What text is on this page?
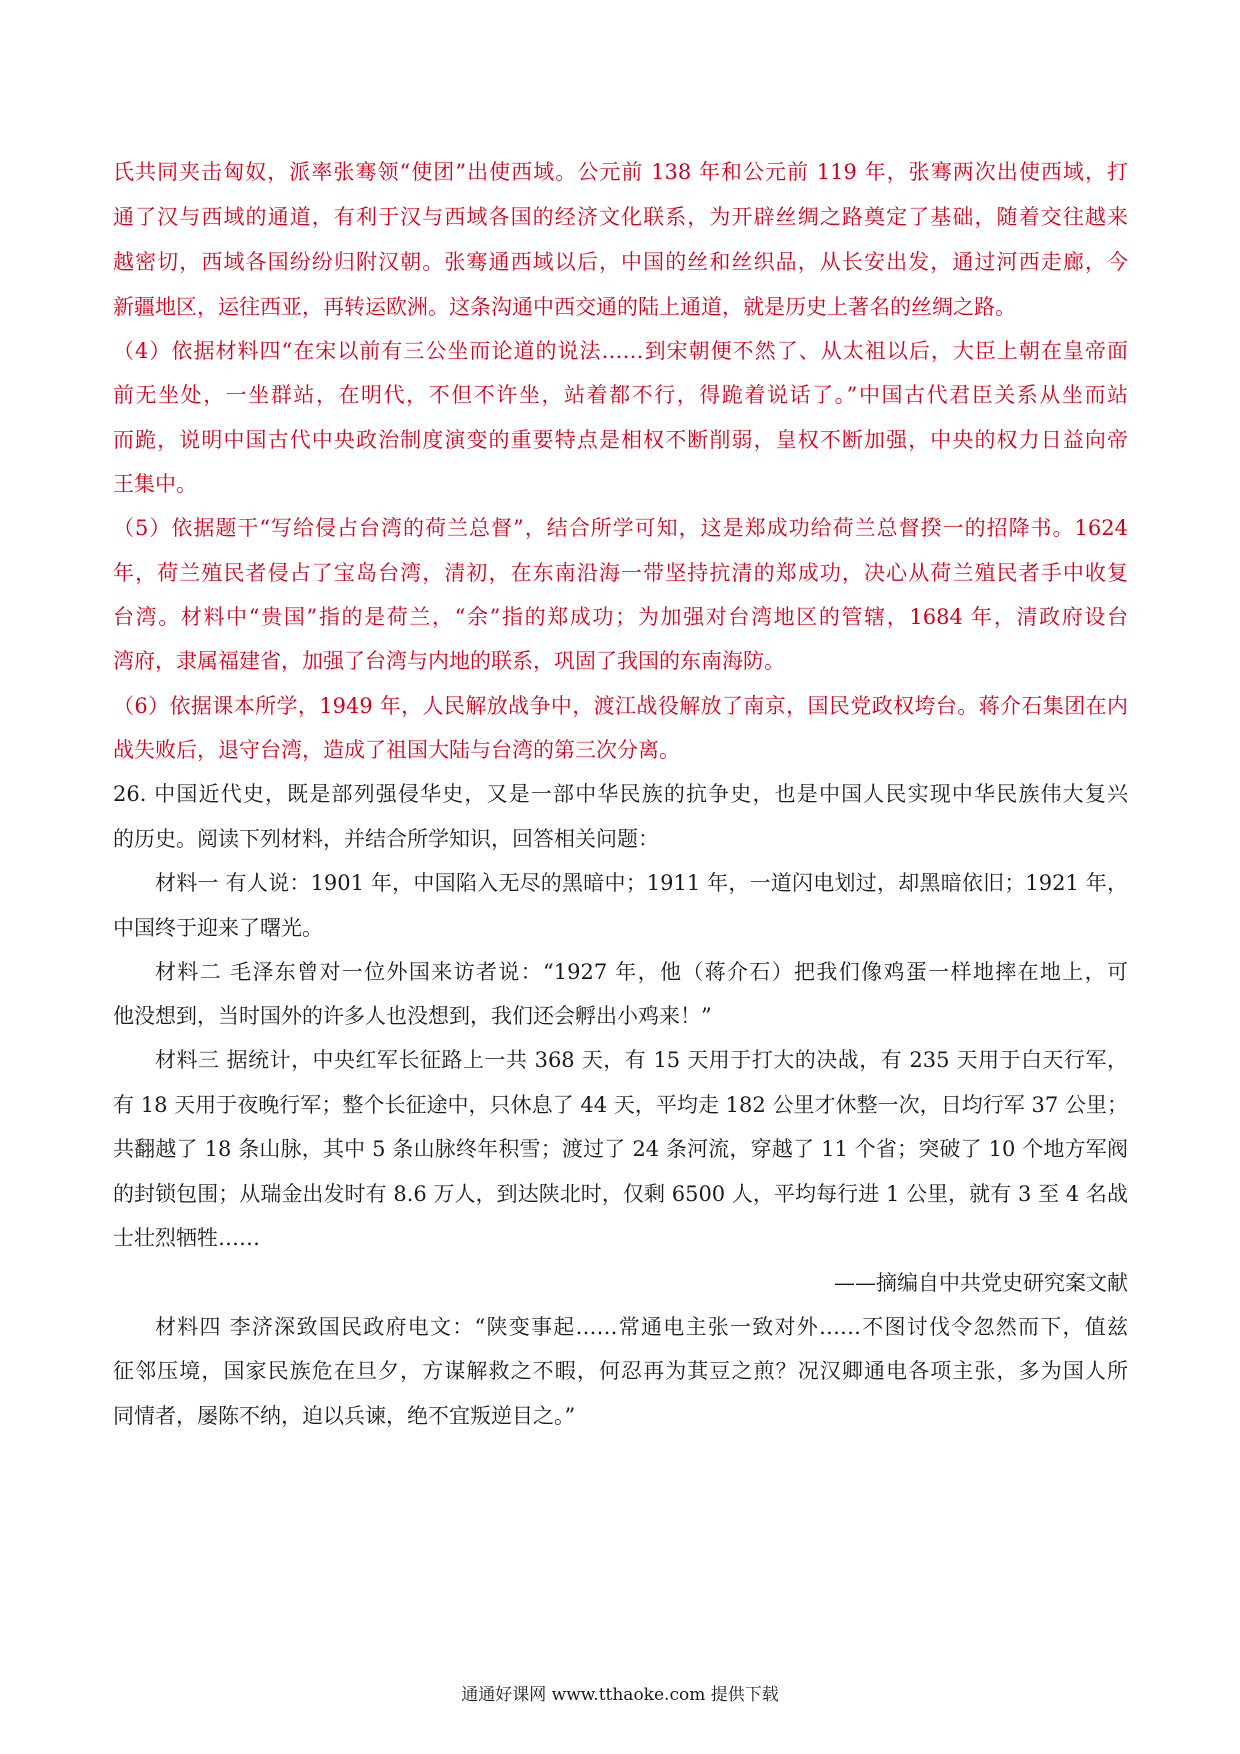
氏共同夹击匈奴，派率张骞领“使团”出使西域。公元前 138 年和公元前 119 年，张骞两次出使西域，打
通了汉与西域的通道，有利于汉与西域各国的经济文化联系，为开辟丝绸之路奠定了基础，随着交往越来
越密切，西域各国纷纷归附汉朝。张骞通西域以后，中国的丝和丝织品，从长安出发，通过河西走廊，今
新疆地区，运往西亚，再转运欧洲。这条沟通中西交通的陆上通道，就是历史上著名的丝绸之路。
（4）依据材料四“在宋以前有三公坐而论道的说法……到宋朝便不然了、从太祖以后，大臣上朝在皇帝面
前无坐处，一坐群站，在明代，不但不许坐，站着都不行，得跪着说话了。”中国古代君臣关系从坐而站
而跪，说明中国古代中央政治制度演变的重要特点是相权不断削弱，皇权不断加强，中央的权力日益向帝
王集中。
（5）依据题干“写给侵占台湾的荷兰总督”，结合所学可知，这是郑成功给荷兰总督揆一的招降书。1624
年，荷兰殖民者侵占了宝岛台湾，清初，在东南沿海一带坚持抗清的郑成功，决心从荷兰殖民者手中收复
台湾。材料中“贵国”指的是荷兰，“余”指的郑成功；为加强对台湾地区的管辖，1684 年，清政府设台
湾府，隶属福建省，加强了台湾与内地的联系，巩固了我国的东南海防。
（6）依据课本所学，1949 年，人民解放战争中，渡江战役解放了南京，国民党政权垮台。蒋介石集团在内
战失败后，退守台湾，造成了祖国大陆与台湾的第三次分离。
26. 中国近代史，既是部列强侵华史，又是一部中华民族的抗争史，也是中国人民实现中华民族伟大复兴
的历史。阅读下列材料，并结合所学知识，回答相关问题：
材料一 有人说：1901 年，中国陷入无尽的黑暗中；1911 年，一道闪电划过，却黑暗依旧；1921 年，
中国终于迎来了曙光。
材料二 毛泽东曾对一位外国来访者说：“1927 年，他（蒋介石）把我们像鸡蛋一样地摔在地上，可
他没想到，当时国外的许多人也没想到，我们还会孵出小鸡来！”
材料三 据统计，中央红军长征路上一共 368 天，有 15 天用于打大的决战，有 235 天用于白天行军，
有 18 天用于夜晚行军；整个长征途中，只休息了 44 天，平均走 182 公里才休整一次，日均行军 37 公里；
共翻越了 18 条山脉，其中 5 条山脉终年积雪；渡过了 24 条河流，穿越了 11 个省；突破了 10 个地方军阀
的封锁包围；从瑞金出发时有 8.6 万人，到达陕北时，仅剩 6500 人，平均每行进 1 公里，就有 3 至 4 名战
士壮烈牺牲……
——摘编自中共党史研究案文献
材料四 李济深致国民政府电文：“陕变事起……常通电主张一致对外……不图讨伐令忽然而下，值兹
征邻压境，国家民族危在旦夕，方谋解救之不暇，何忍再为萁豆之煎？况汉卿通电各项主张，多为国人所
同情者，屡陈不纳，迫以兵谏，绝不宜叛逆目之。”
通通好课网 www.tthaoke.com 提供下载
